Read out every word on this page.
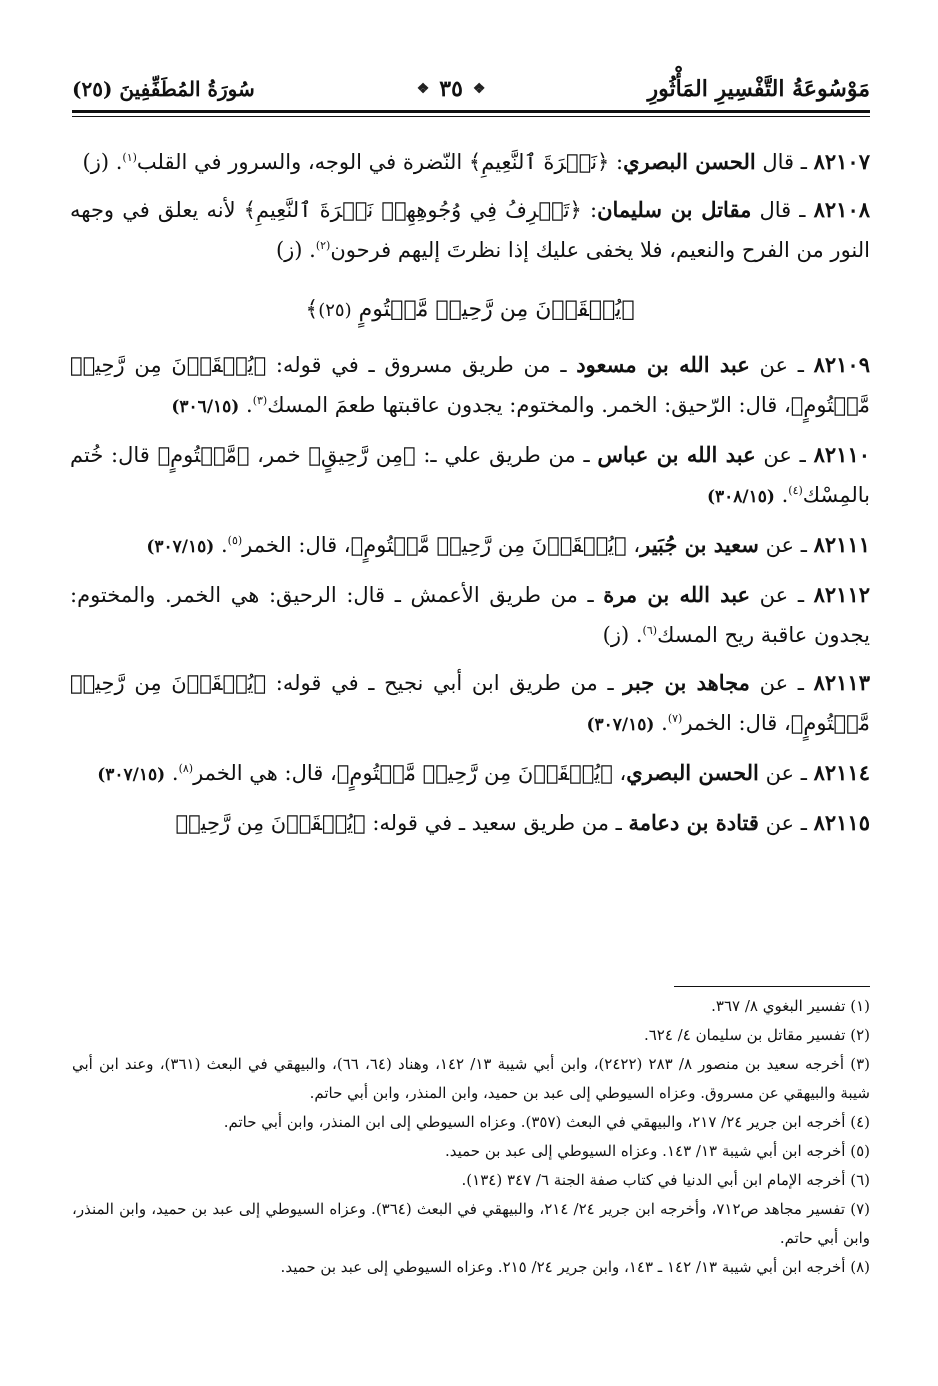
مَوْسُوعَةُ التَّفْسِيرِ المَأْثُورِ
❖
٣٥
❖
سُورَةُ المُطَفِّفِينَ (٢٥)

٨٢١٠٧ ـ قال الحسن البصري: ﴿نَضۡرَةَ ٱلنَّعِيمِ﴾ النّضرة في الوجه، والسرور في القلب$^{(١)}$. (ز)

٨٢١٠٨ ـ قال مقاتل بن سليمان: ﴿تَعۡرِفُ فِي وُجُوهِهِمۡ نَضۡرَةَ ٱلنَّعِيمِ﴾ لأنه يعلق في وجهه النور من الفرح والنعيم، فلا يخفى عليك إذا نظرتَ إليهم فرحون$^{(٢)}$. (ز)

﴿يُسۡقَوۡنَ مِن رَّحِيقٖ مَّخۡتُومٍ (٢٥)﴾

٨٢١٠٩ ـ عن عبد الله بن مسعود ـ من طريق مسروق ـ في قوله: ﴿يُسۡقَوۡنَ مِن رَّحِيقٖ مَّخۡتُومٍ﴾، قال: الرّحيق: الخمر. والمختوم: يجدون عاقبتها طعمَ المسك$^{(٣)}$. (٣٠٦/١٥)

٨٢١١٠ ـ عن عبد الله بن عباس ـ من طريق علي ـ: ﴿مِن رَّحِيقٍ﴾ خمر، ﴿مَّخۡتُومٍ﴾ قال: خُتم بالمِسْك$^{(٤)}$. (٣٠٨/١٥)

٨٢١١١ ـ عن سعيد بن جُبَير، ﴿يُسۡقَوۡنَ مِن رَّحِيقٖ مَّخۡتُومٍ﴾، قال: الخمر$^{(٥)}$. (٣٠٧/١٥)

٨٢١١٢ ـ عن عبد الله بن مرة ـ من طريق الأعمش ـ قال: الرحيق: هي الخمر. والمختوم: يجدون عاقبة ريح المسك$^{(٦)}$. (ز)

٨٢١١٣ ـ عن مجاهد بن جبر ـ من طريق ابن أبي نجيح ـ في قوله: ﴿يُسۡقَوۡنَ مِن رَّحِيقٖ مَّخۡتُومٍ﴾، قال: الخمر$^{(٧)}$. (٣٠٧/١٥)

٨٢١١٤ ـ عن الحسن البصري، ﴿يُسۡقَوۡنَ مِن رَّحِيقٖ مَّخۡتُومٍ﴾، قال: هي الخمر$^{(٨)}$. (٣٠٧/١٥)

٨٢١١٥ ـ عن قتادة بن دعامة ـ من طريق سعيد ـ في قوله: ﴿يُسۡقَوۡنَ مِن رَّحِيقٖ

(١) تفسير البغوي ٨/ ٣٦٧.

(٢) تفسير مقاتل بن سليمان ٤/ ٦٢٤.

(٣) أخرجه سعيد بن منصور ٨/ ٢٨٣ (٢٤٢٢)، وابن أبي شيبة ١٣/ ١٤٢، وهناد (٦٤، ٦٦)، والبيهقي في البعث (٣٦١)، وعند ابن أبي شيبة والبيهقي عن مسروق. وعزاه السيوطي إلى عبد بن حميد، وابن المنذر، وابن أبي حاتم.

(٤) أخرجه ابن جرير ٢٤/ ٢١٧، والبيهقي في البعث (٣٥٧). وعزاه السيوطي إلى ابن المنذر، وابن أبي حاتم.

(٥) أخرجه ابن أبي شيبة ١٣/ ١٤٣. وعزاه السيوطي إلى عبد بن حميد.

(٦) أخرجه الإمام ابن أبي الدنيا في كتاب صفة الجنة ٦/ ٣٤٧ (١٣٤).

(٧) تفسير مجاهد ص٧١٢، وأخرجه ابن جرير ٢٤/ ٢١٤، والبيهقي في البعث (٣٦٤). وعزاه السيوطي إلى عبد بن حميد، وابن المنذر، وابن أبي حاتم.

(٨) أخرجه ابن أبي شيبة ١٣/ ١٤٢ ـ ١٤٣، وابن جرير ٢٤/ ٢١٥. وعزاه السيوطي إلى عبد بن حميد.
